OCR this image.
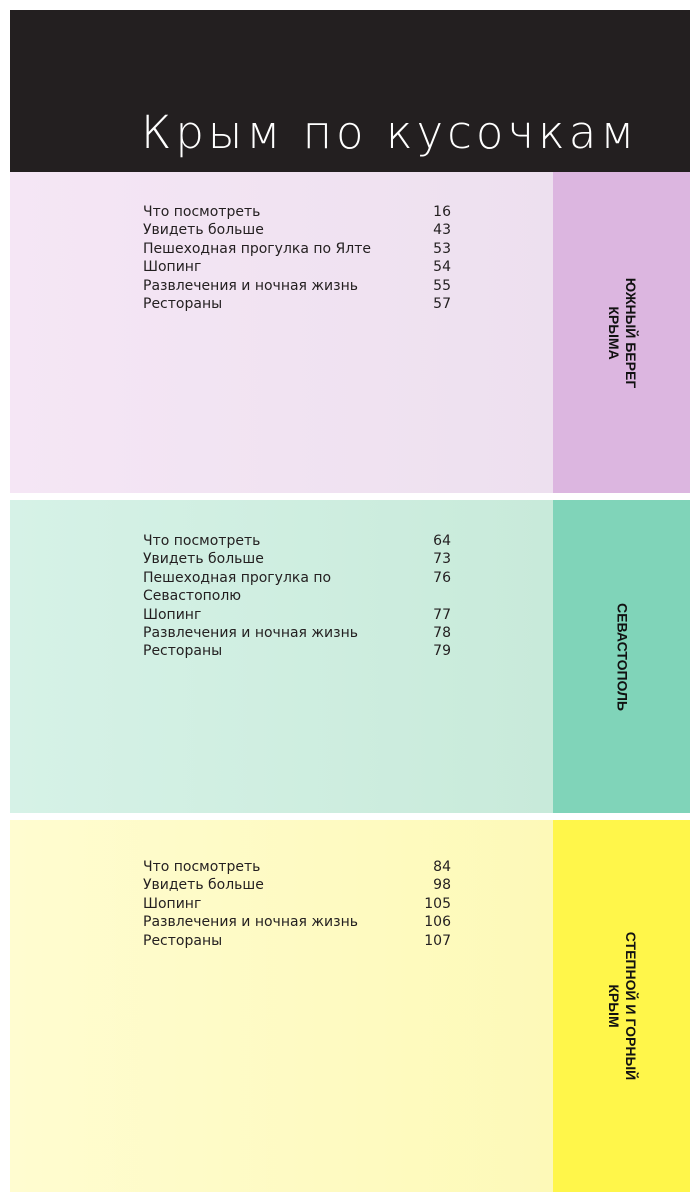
Крым по кусочкам
Что посмотреть	16
Увидеть больше	43
Пешеходная прогулка по Ялте	53
Шопинг	54
Развлечения и ночная жизнь	55
Рестораны	57	ЮЖНЫЙ БЕРЕГ
КРЫМА
Что посмотреть	64
Увидеть больше	73
Пешеходная прогулка по Севастополю
76
Шопинг	77
Развлечения и ночная жизнь	78
Рестораны	79	СЕВАСТОПОЛЬ
Что посмотреть	84
Увидеть больше	98
Шопинг	105
Развлечения и ночная жизнь	106
Рестораны	107	СТЕПНОЙ И ГОРНЫЙ
КРЫМ
